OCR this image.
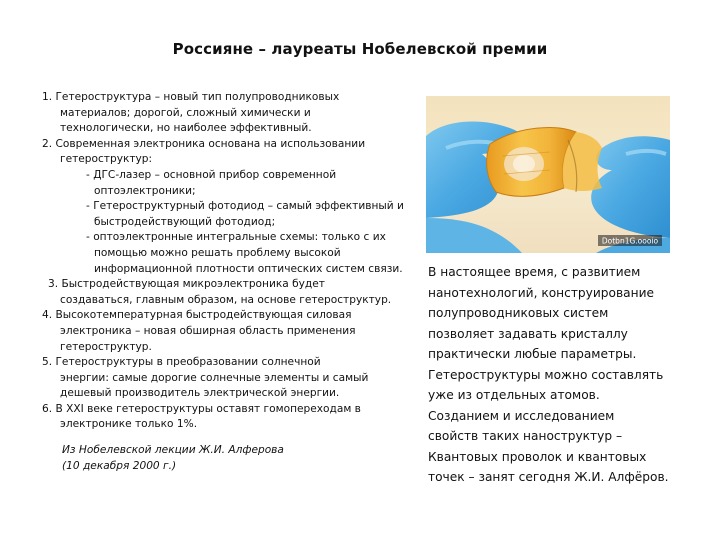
Россияне – лауреаты Нобелевской премии
1. Гетероструктура – новый тип полупроводниковых
материалов; дорогой, сложный химически и
технологически, но наиболее эффективный.
2. Современная электроника основана на использовании
гетероструктур:
- ДГС-лазер – основной прибор современной
оптоэлектроники;
- Гетероструктурный фотодиод – самый эффективный и
быстродействующий фотодиод;
- оптоэлектронные интегральные схемы: только с их
помощью можно решать проблему высокой
информационной плотности оптических систем связи.
3. Быстродействующая микроэлектроника будет
создаваться, главным образом, на основе гетероструктур.
4. Высокотемпературная быстродействующая силовая
электроника – новая обширная область применения
гетероструктур.
5. Гетероструктуры в преобразовании солнечной
энергии: самые дорогие солнечные элементы и самый
дешевый производитель электрической энергии.
6. В XXI веке гетероструктуры оставят гомопереходам в
электронике только 1%.
Из Нобелевской лекции Ж.И. Алферова
(10 декабря 2000 г.)
Dotbn1G.oooio
В настоящее время, с развитием
нанотехнологий, конструирование
полупроводниковых систем
позволяет задавать кристаллу
практически любые параметры.
Гетероструктуры можно составлять
уже из отдельных атомов.
Созданием и исследованием
свойств таких наноструктур –
Квантовых проволок и квантовых
точек – занят сегодня Ж.И. Алфёров.
